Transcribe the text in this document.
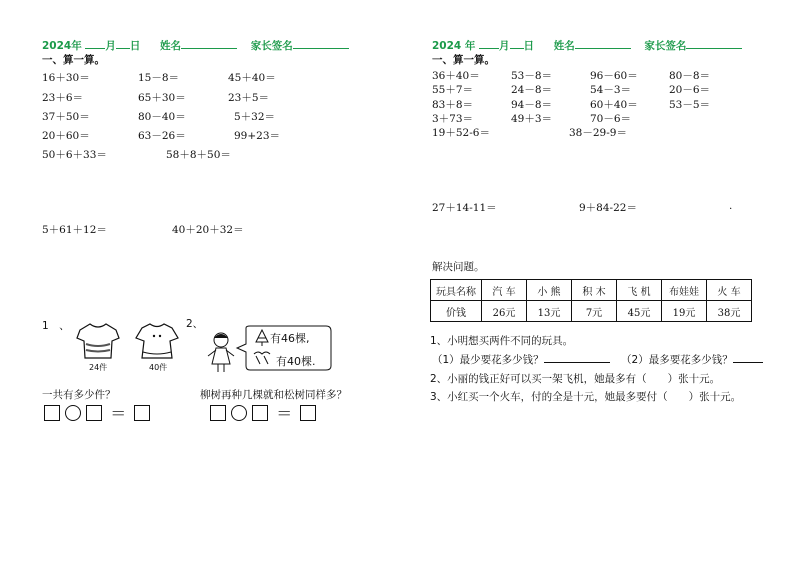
2024年 月 日 姓名	家长签名
一、算一算。
16＋30＝	15－8＝	45＋40＝
23＋6＝	65＋30＝	23＋5＝
37＋50＝	80－40＝	5＋32＝
20＋60＝	63－26＝	99+23＝
50＋6＋33＝	58＋8＋50＝
5＋61＋12＝	40＋20＋32＝
1　、
24件	40件
2、
有46棵,
有40棵.
一共有多少件？	柳树再种几棵就和松树同样多？
＝	＝
2024 年 月 日 姓名	家长签名
一、算一算。
36＋40＝	53－8＝	96－60＝	80－8＝
55＋7＝	24－8＝	54－3＝	20－6＝
83＋8＝	94－8＝	60＋40＝	53－5＝
3＋73＝	49＋3＝	70－6＝
19＋52-6＝	38－29-9＝
27＋14-11＝	9＋84-22＝	.
解决问题。
玩具名称	汽 车	小 熊	积 木	飞 机	布娃娃	火 车
价钱	26元	13元	7元	45元	19元	38元
1、小明想买两件不同的玩具。
（1）最少要花多少钱？	（2）最多要花多少钱？
2、小丽的钱正好可以买一架飞机，她最多有（　　）张十元。
3、小红买一个火车，付的全是十元，她最多要付（　　）张十元。
